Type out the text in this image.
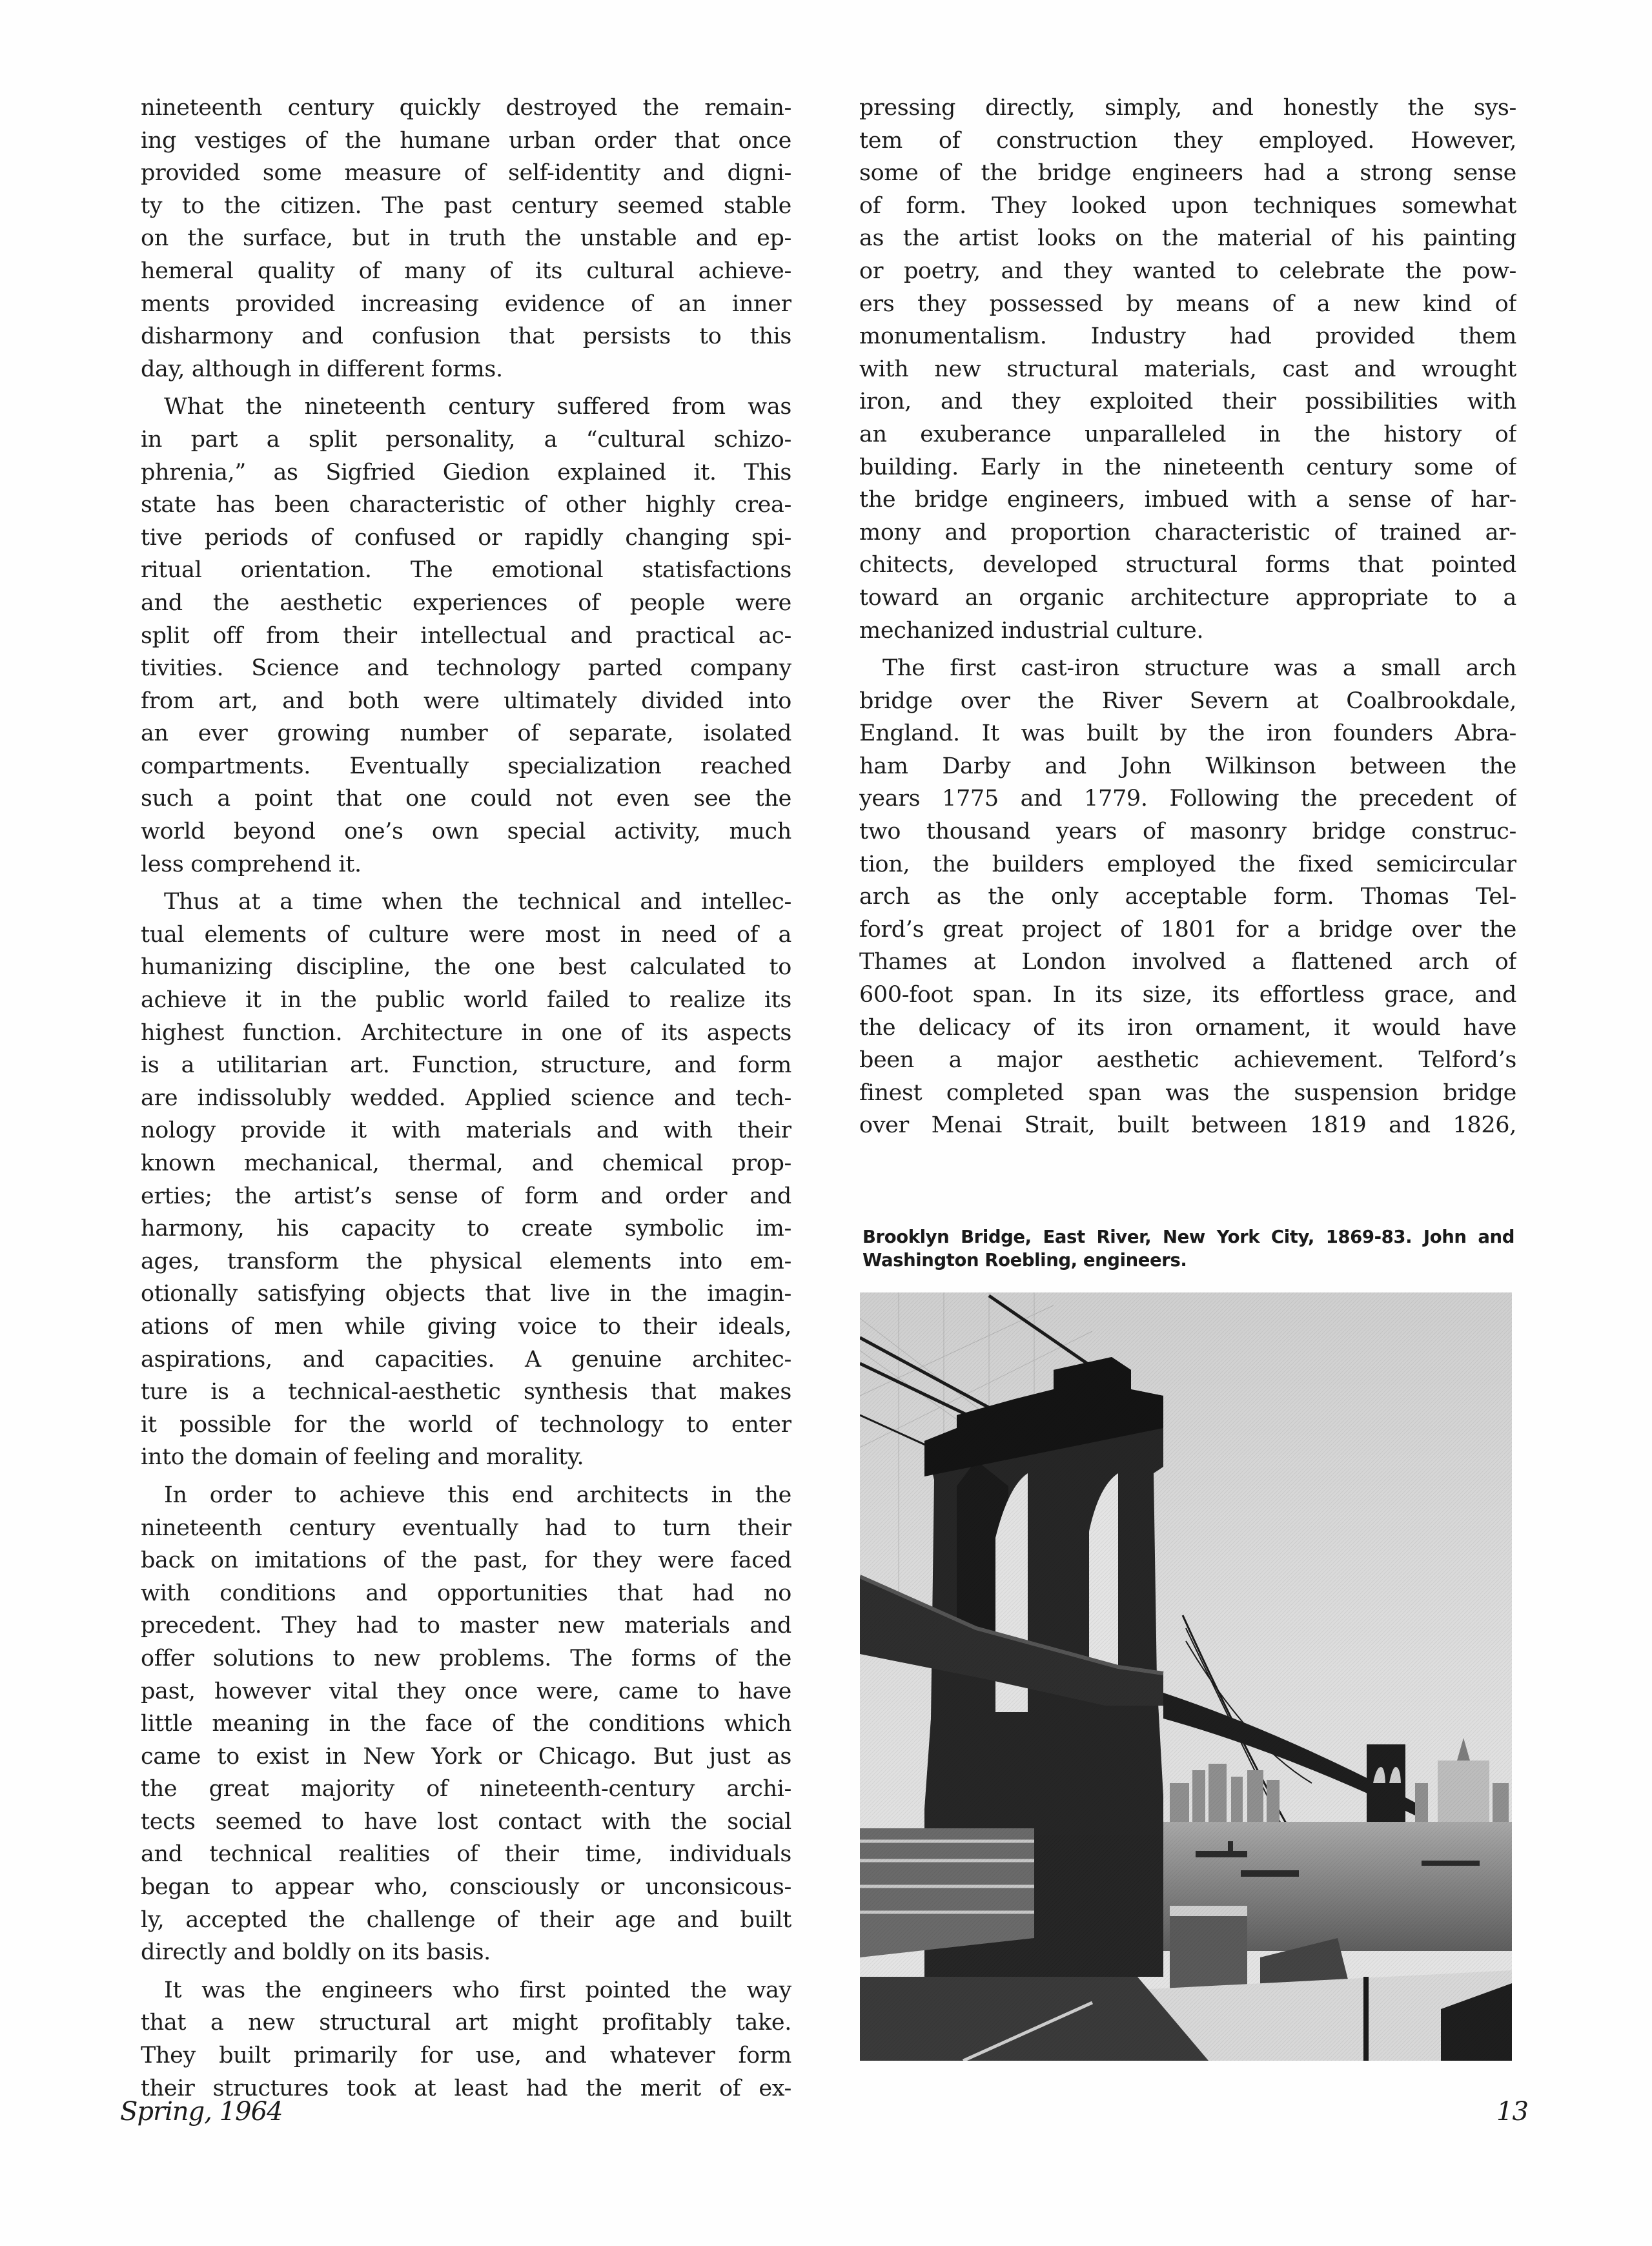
nineteenth century quickly destroyed the remain-
ing vestiges of the humane urban order that once
provided some measure of self-identity and digni-
ty to the citizen. The past century seemed stable
on the surface, but in truth the unstable and ep-
hemeral quality of many of its cultural achieve-
ments provided increasing evidence of an inner
disharmony and confusion that persists to this
day, although in different forms.
What the nineteenth century suffered from was
in part a split personality, a “cultural schizo-
phrenia,” as Sigfried Giedion explained it. This
state has been characteristic of other highly crea-
tive periods of confused or rapidly changing spi-
ritual orientation. The emotional statisfactions
and the aesthetic experiences of people were
split off from their intellectual and practical ac-
tivities. Science and technology parted company
from art, and both were ultimately divided into
an ever growing number of separate, isolated
compartments. Eventually specialization reached
such a point that one could not even see the
world beyond one’s own special activity, much
less comprehend it.
Thus at a time when the technical and intellec-
tual elements of culture were most in need of a
humanizing discipline, the one best calculated to
achieve it in the public world failed to realize its
highest function. Architecture in one of its aspects
is a utilitarian art. Function, structure, and form
are indissolubly wedded. Applied science and tech-
nology provide it with materials and with their
known mechanical, thermal, and chemical prop-
erties; the artist’s sense of form and order and
harmony, his capacity to create symbolic im-
ages, transform the physical elements into em-
otionally satisfying objects that live in the imagin-
ations of men while giving voice to their ideals,
aspirations, and capacities. A genuine architec-
ture is a technical-aesthetic synthesis that makes
it possible for the world of technology to enter
into the domain of feeling and morality.
In order to achieve this end architects in the
nineteenth century eventually had to turn their
back on imitations of the past, for they were faced
with conditions and opportunities that had no
precedent. They had to master new materials and
offer solutions to new problems. The forms of the
past, however vital they once were, came to have
little meaning in the face of the conditions which
came to exist in New York or Chicago. But just as
the great majority of nineteenth-century archi-
tects seemed to have lost contact with the social
and technical realities of their time, individuals
began to appear who, consciously or unconsicous-
ly, accepted the challenge of their age and built
directly and boldly on its basis.
It was the engineers who first pointed the way
that a new structural art might profitably take.
They built primarily for use, and whatever form
their structures took at least had the merit of ex-
pressing directly, simply, and honestly the sys-
tem of construction they employed. However,
some of the bridge engineers had a strong sense
of form. They looked upon techniques somewhat
as the artist looks on the material of his painting
or poetry, and they wanted to celebrate the pow-
ers they possessed by means of a new kind of
monumentalism. Industry had provided them
with new structural materials, cast and wrought
iron, and they exploited their possibilities with
an exuberance unparalleled in the history of
building. Early in the nineteenth century some of
the bridge engineers, imbued with a sense of har-
mony and proportion characteristic of trained ar-
chitects, developed structural forms that pointed
toward an organic architecture appropriate to a
mechanized industrial culture.
The first cast-iron structure was a small arch
bridge over the River Severn at Coalbrookdale,
England. It was built by the iron founders Abra-
ham Darby and John Wilkinson between the
years 1775 and 1779. Following the precedent of
two thousand years of masonry bridge construc-
tion, the builders employed the fixed semicircular
arch as the only acceptable form. Thomas Tel-
ford’s great project of 1801 for a bridge over the
Thames at London involved a flattened arch of
600-foot span. In its size, its effortless grace, and
the delicacy of its iron ornament, it would have
been a major aesthetic achievement. Telford’s
finest completed span was the suspension bridge
over Menai Strait, built between 1819 and 1826,
Brooklyn Bridge, East River, New York City, 1869-83. John and
Washington Roebling, engineers.
Spring, 1964	13
